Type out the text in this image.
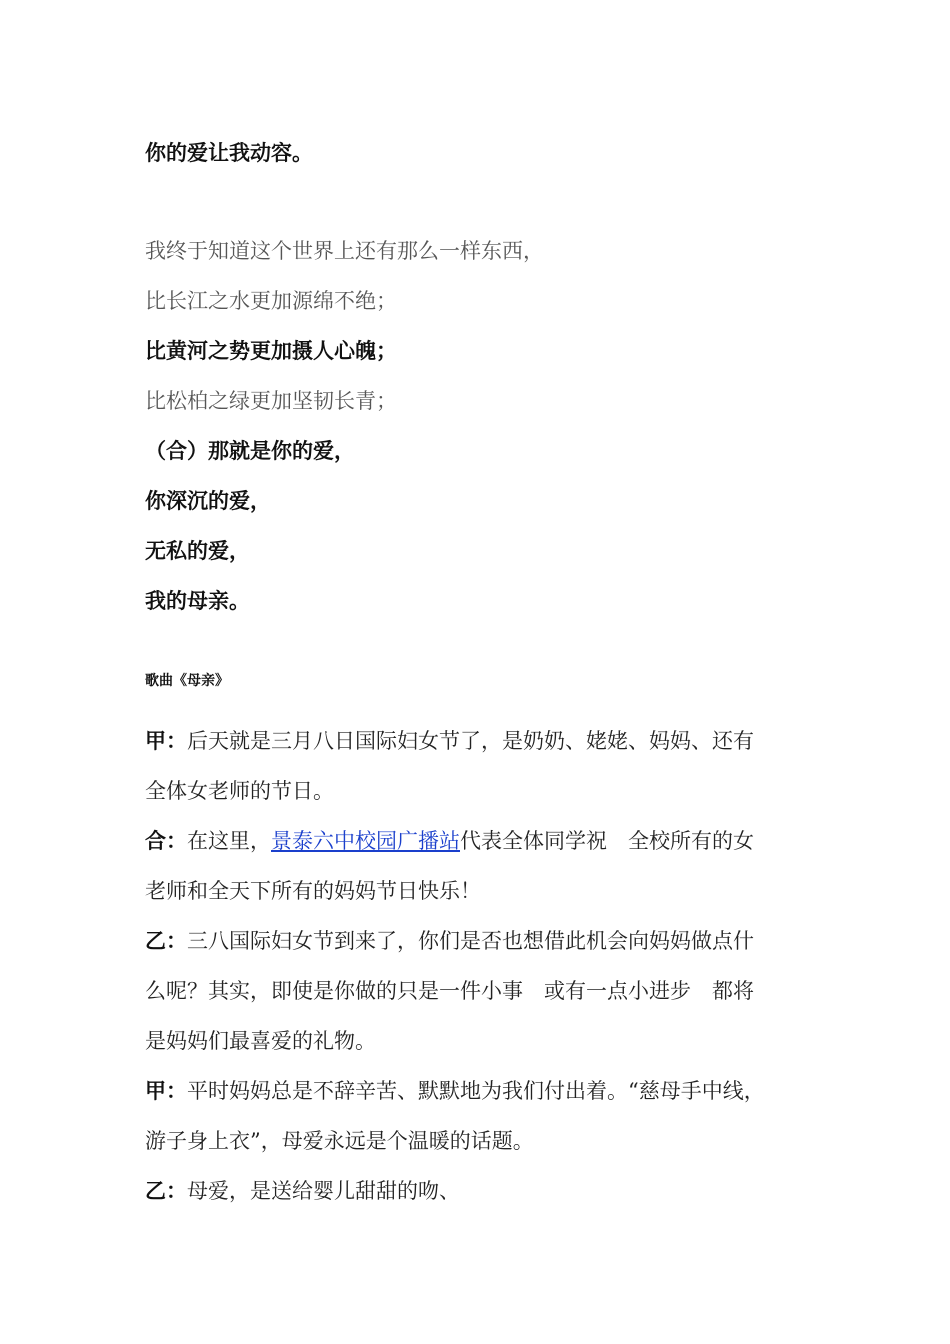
你的爱让我动容。
我终于知道这个世界上还有那么一样东西，
比长江之水更加源绵不绝；
比黄河之势更加摄人心魄；
比松柏之绿更加坚韧长青；
（合）那就是你的爱，
你深沉的爱，
无私的爱，
我的母亲。
歌曲《母亲》
甲：后天就是三月八日国际妇女节了，是奶奶、姥姥、妈妈、还有
全体女老师的节日。
合：在这里，景泰六中校园广播站代表全体同学祝　全校所有的女
老师和全天下所有的妈妈节日快乐！
乙：三八国际妇女节到来了，你们是否也想借此机会向妈妈做点什
么呢？其实，即使是你做的只是一件小事　或有一点小进步　都将
是妈妈们最喜爱的礼物。
甲：平时妈妈总是不辞辛苦、默默地为我们付出着。“慈母手中线，
游子身上衣”，母爱永远是个温暖的话题。
乙：母爱，是送给婴儿甜甜的吻、
